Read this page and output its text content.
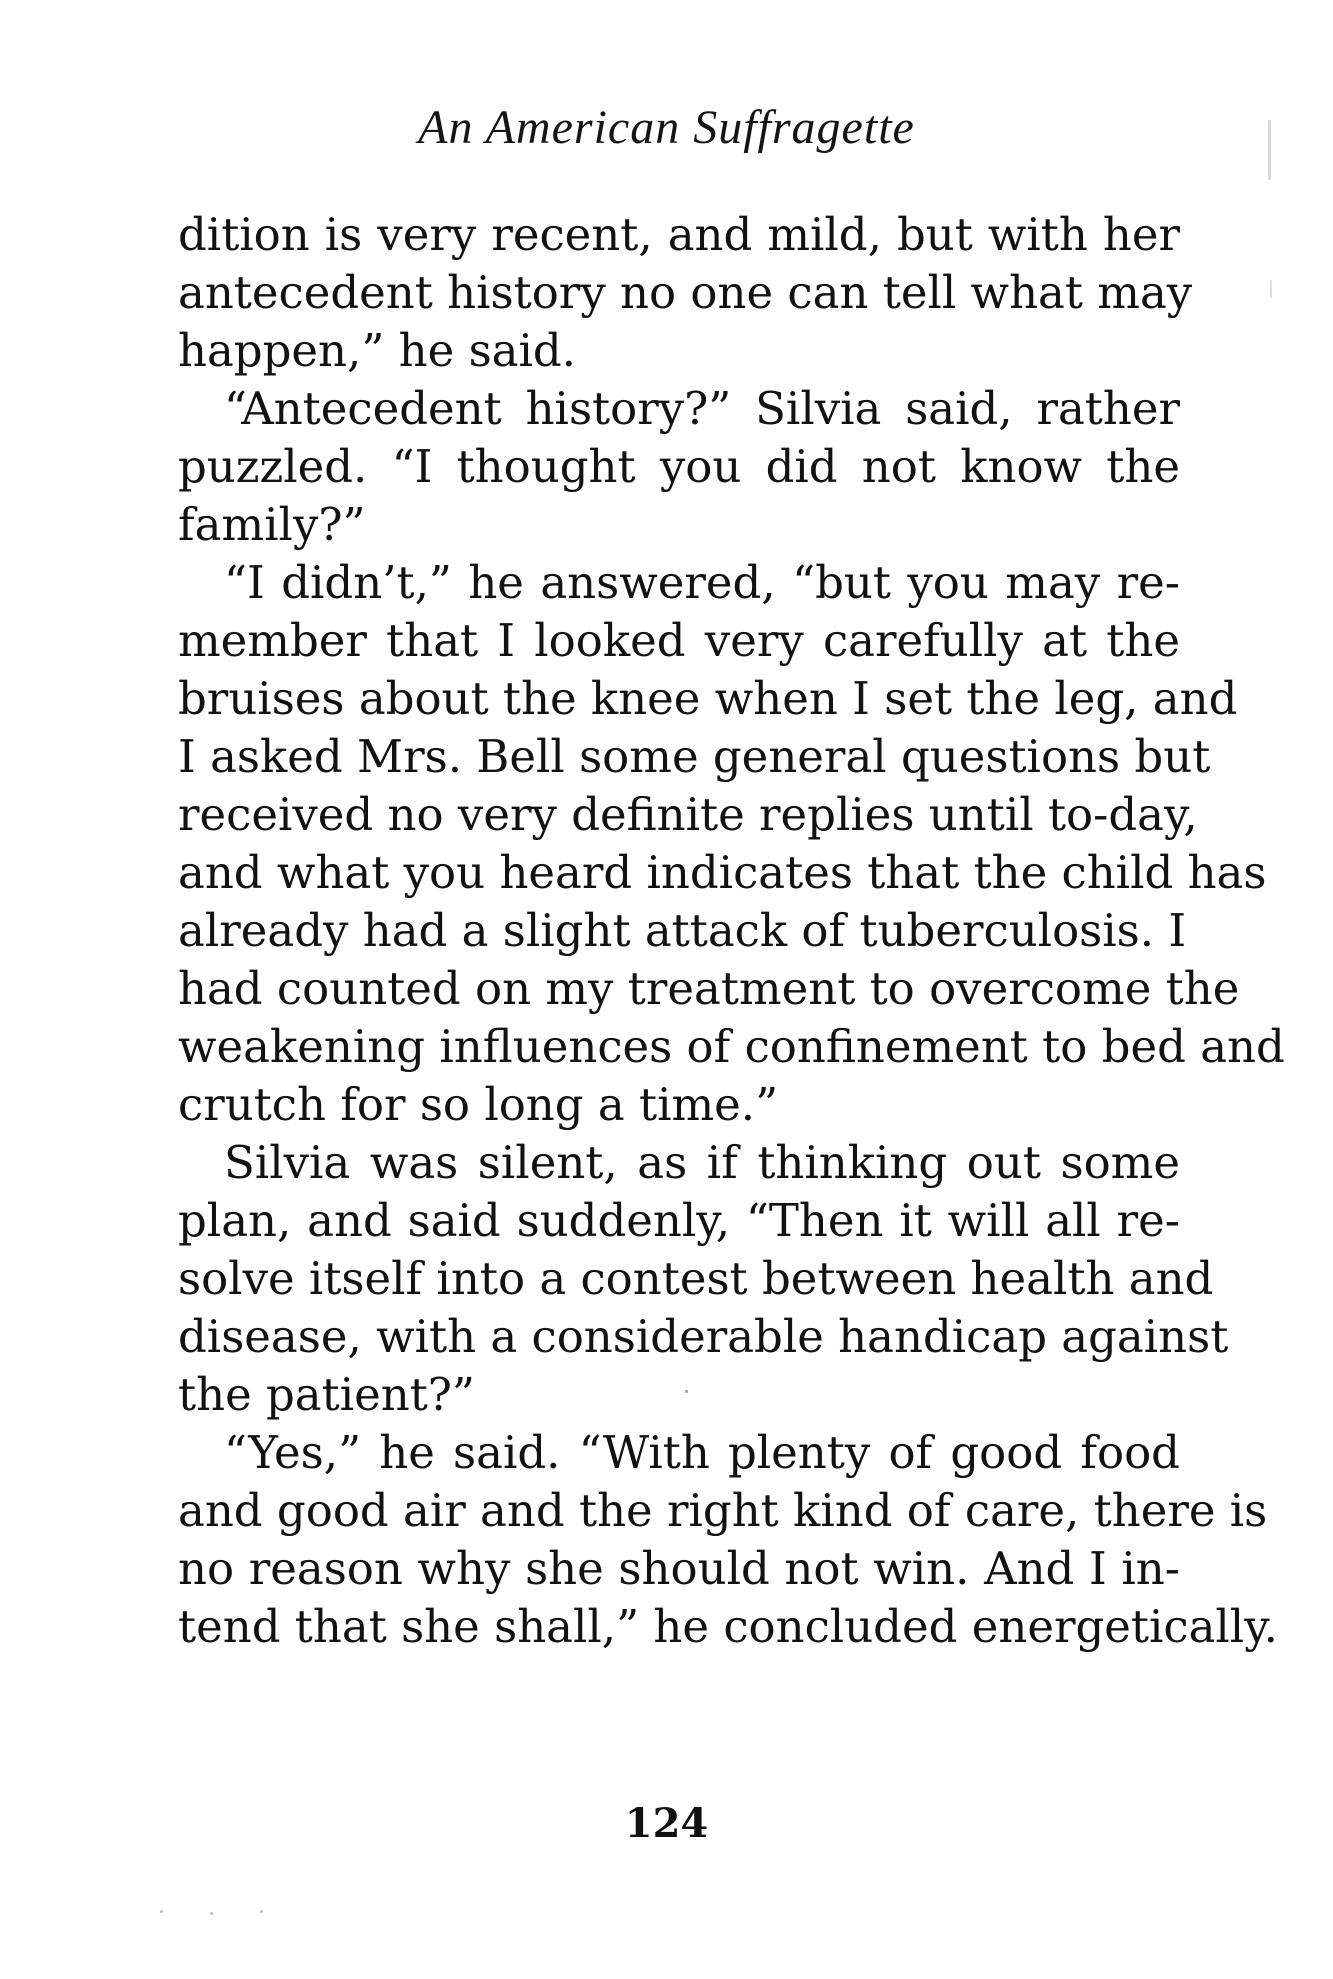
An American Suffragette
dition is very recent, and mild, but with her
antecedent history no one can tell what may
happen,” he said.
“Antecedent history?” Silvia said, rather
puzzled. “I thought you did not know the
family?”
“I didn’t,” he answered, “but you may re-
member that I looked very carefully at the
bruises about the knee when I set the leg, and
I asked Mrs. Bell some general questions but
received no very definite replies until to-day,
and what you heard indicates that the child has
already had a slight attack of tuberculosis. I
had counted on my treatment to overcome the
weakening influences of confinement to bed and
crutch for so long a time.”
Silvia was silent, as if thinking out some
plan, and said suddenly, “Then it will all re-
solve itself into a contest between health and
disease, with a considerable handicap against
the patient?”
“Yes,” he said. “With plenty of good food
and good air and the right kind of care, there is
no reason why she should not win. And I in-
tend that she shall,” he concluded energetically.
124
